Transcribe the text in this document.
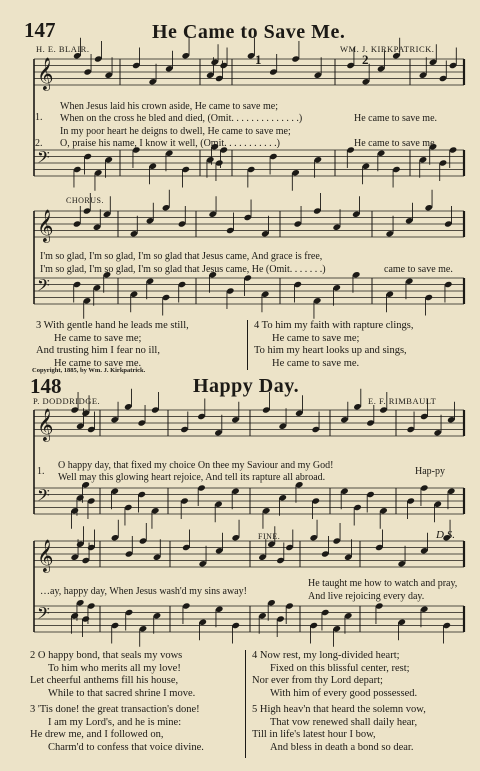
𝄞
𝄢
𝄞
𝄢
𝄞
𝄢
𝄞
𝄢
147	He Came to Save Me.
H. E. BLAIR.	WM. J. KIRKPATRICK.
1	2
1.
2.
When Jesus laid his crown aside, He came to save me;
When on the cross he bled and died, (Omit. . . . . . . . . . . . . .)
In my poor heart he deigns to dwell, He came to save me;
O, praise his name, I know it well, (Omit. . . . . . . . . . .)
He came to save me.
He came to save me.
CHORUS.
I'm so glad, I'm so glad, I'm so glad that Jesus came, And grace is free,
I'm so glad, I'm so glad, I'm so glad that Jesus came, He (Omit. . . . . . .)	came to save me.
3 With gentle hand he leads me still,
He came to save me;
And trusting him I fear no ill,
He came to save me.
4 To him my faith with rapture clings,
He came to save me;
To him my heart looks up and sings,
He came to save me.
Copyright, 1885, by Wm. J. Kirkpatrick.
148	Happy Day.
P. DODDRIDGE.	E. F. RIMBAULT
1.
O happy day, that fixed my choice On thee my Saviour and my God!
Well may this glowing heart rejoice, And tell its rapture all abroad.
Hap-py
FINE.	D.S.
…ay, happy day, When Jesus wash'd my sins away!
He taught me how to watch and pray,
And live rejoicing every day.
2 O happy bond, that seals my vows
To him who merits all my love!
Let cheerful anthems fill his house,
While to that sacred shrine I move.
3 'Tis done! the great transaction's done!
I am my Lord's, and he is mine:
He drew me, and I followed on,
Charm'd to confess that voice divine.
4 Now rest, my long-divided heart;
Fixed on this blissful center, rest;
Nor ever from thy Lord depart;
With him of every good possessed.
5 High heav'n that heard the solemn vow,
That vow renewed shall daily hear,
Till in life's latest hour I bow,
And bless in death a bond so dear.
